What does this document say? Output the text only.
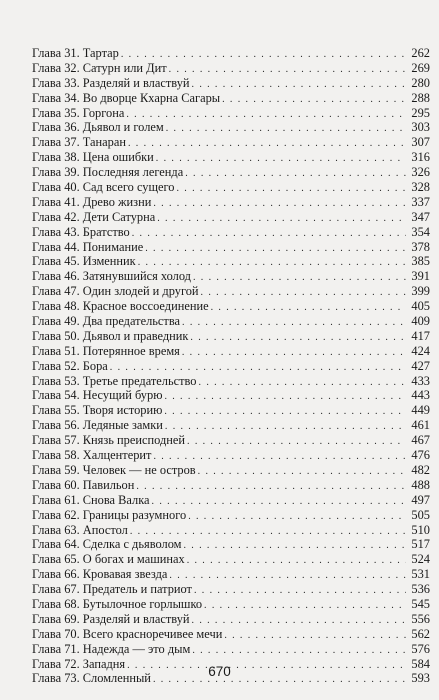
Глава 31. Тартар . . .	262
Глава 32. Сатурн или Дит . . .	269
Глава 33. Разделяй и властвуй . . .	280
Глава 34. Во дворце Кхарна Сагары . . .	288
Глава 35. Горгона . . .	295
Глава 36. Дьявол и голем . . .	303
Глава 37. Танаран . . .	307
Глава 38. Цена ошибки . . .	316
Глава 39. Последняя легенда . . .	326
Глава 40. Сад всего сущего . . .	328
Глава 41. Древо жизни . . .	337
Глава 42. Дети Сатурна . . .	347
Глава 43. Братство . . .	354
Глава 44. Понимание . . .	378
Глава 45. Изменник . . .	385
Глава 46. Затянувшийся холод . . .	391
Глава 47. Один злодей и другой . . .	399
Глава 48. Красное воссоединение . . .	405
Глава 49. Два предательства . . .	409
Глава 50. Дьявол и праведник . . .	417
Глава 51. Потерянное время . . .	424
Глава 52. Бора . . .	427
Глава 53. Третье предательство . . .	433
Глава 54. Несущий бурю . . .	443
Глава 55. Творя историю . . .	449
Глава 56. Ледяные замки . . .	461
Глава 57. Князь преисподней . . .	467
Глава 58. Халцентерит . . .	476
Глава 59. Человек — не остров . . .	482
Глава 60. Павильон . . .	488
Глава 61. Снова Валка . . .	497
Глава 62. Границы разумного . . .	505
Глава 63. Апостол . . .	510
Глава 64. Сделка с дьяволом . . .	517
Глава 65. О богах и машинах . . .	524
Глава 66. Кровавая звезда . . .	531
Глава 67. Предатель и патриот . . .	536
Глава 68. Бутылочное горлышко . . .	545
Глава 69. Разделяй и властвуй . . .	556
Глава 70. Всего красноречивее мечи . . .	562
Глава 71. Надежда — это дым . . .	576
Глава 72. Западня . . .	584
Глава 73. Сломленный . . .	593
670
